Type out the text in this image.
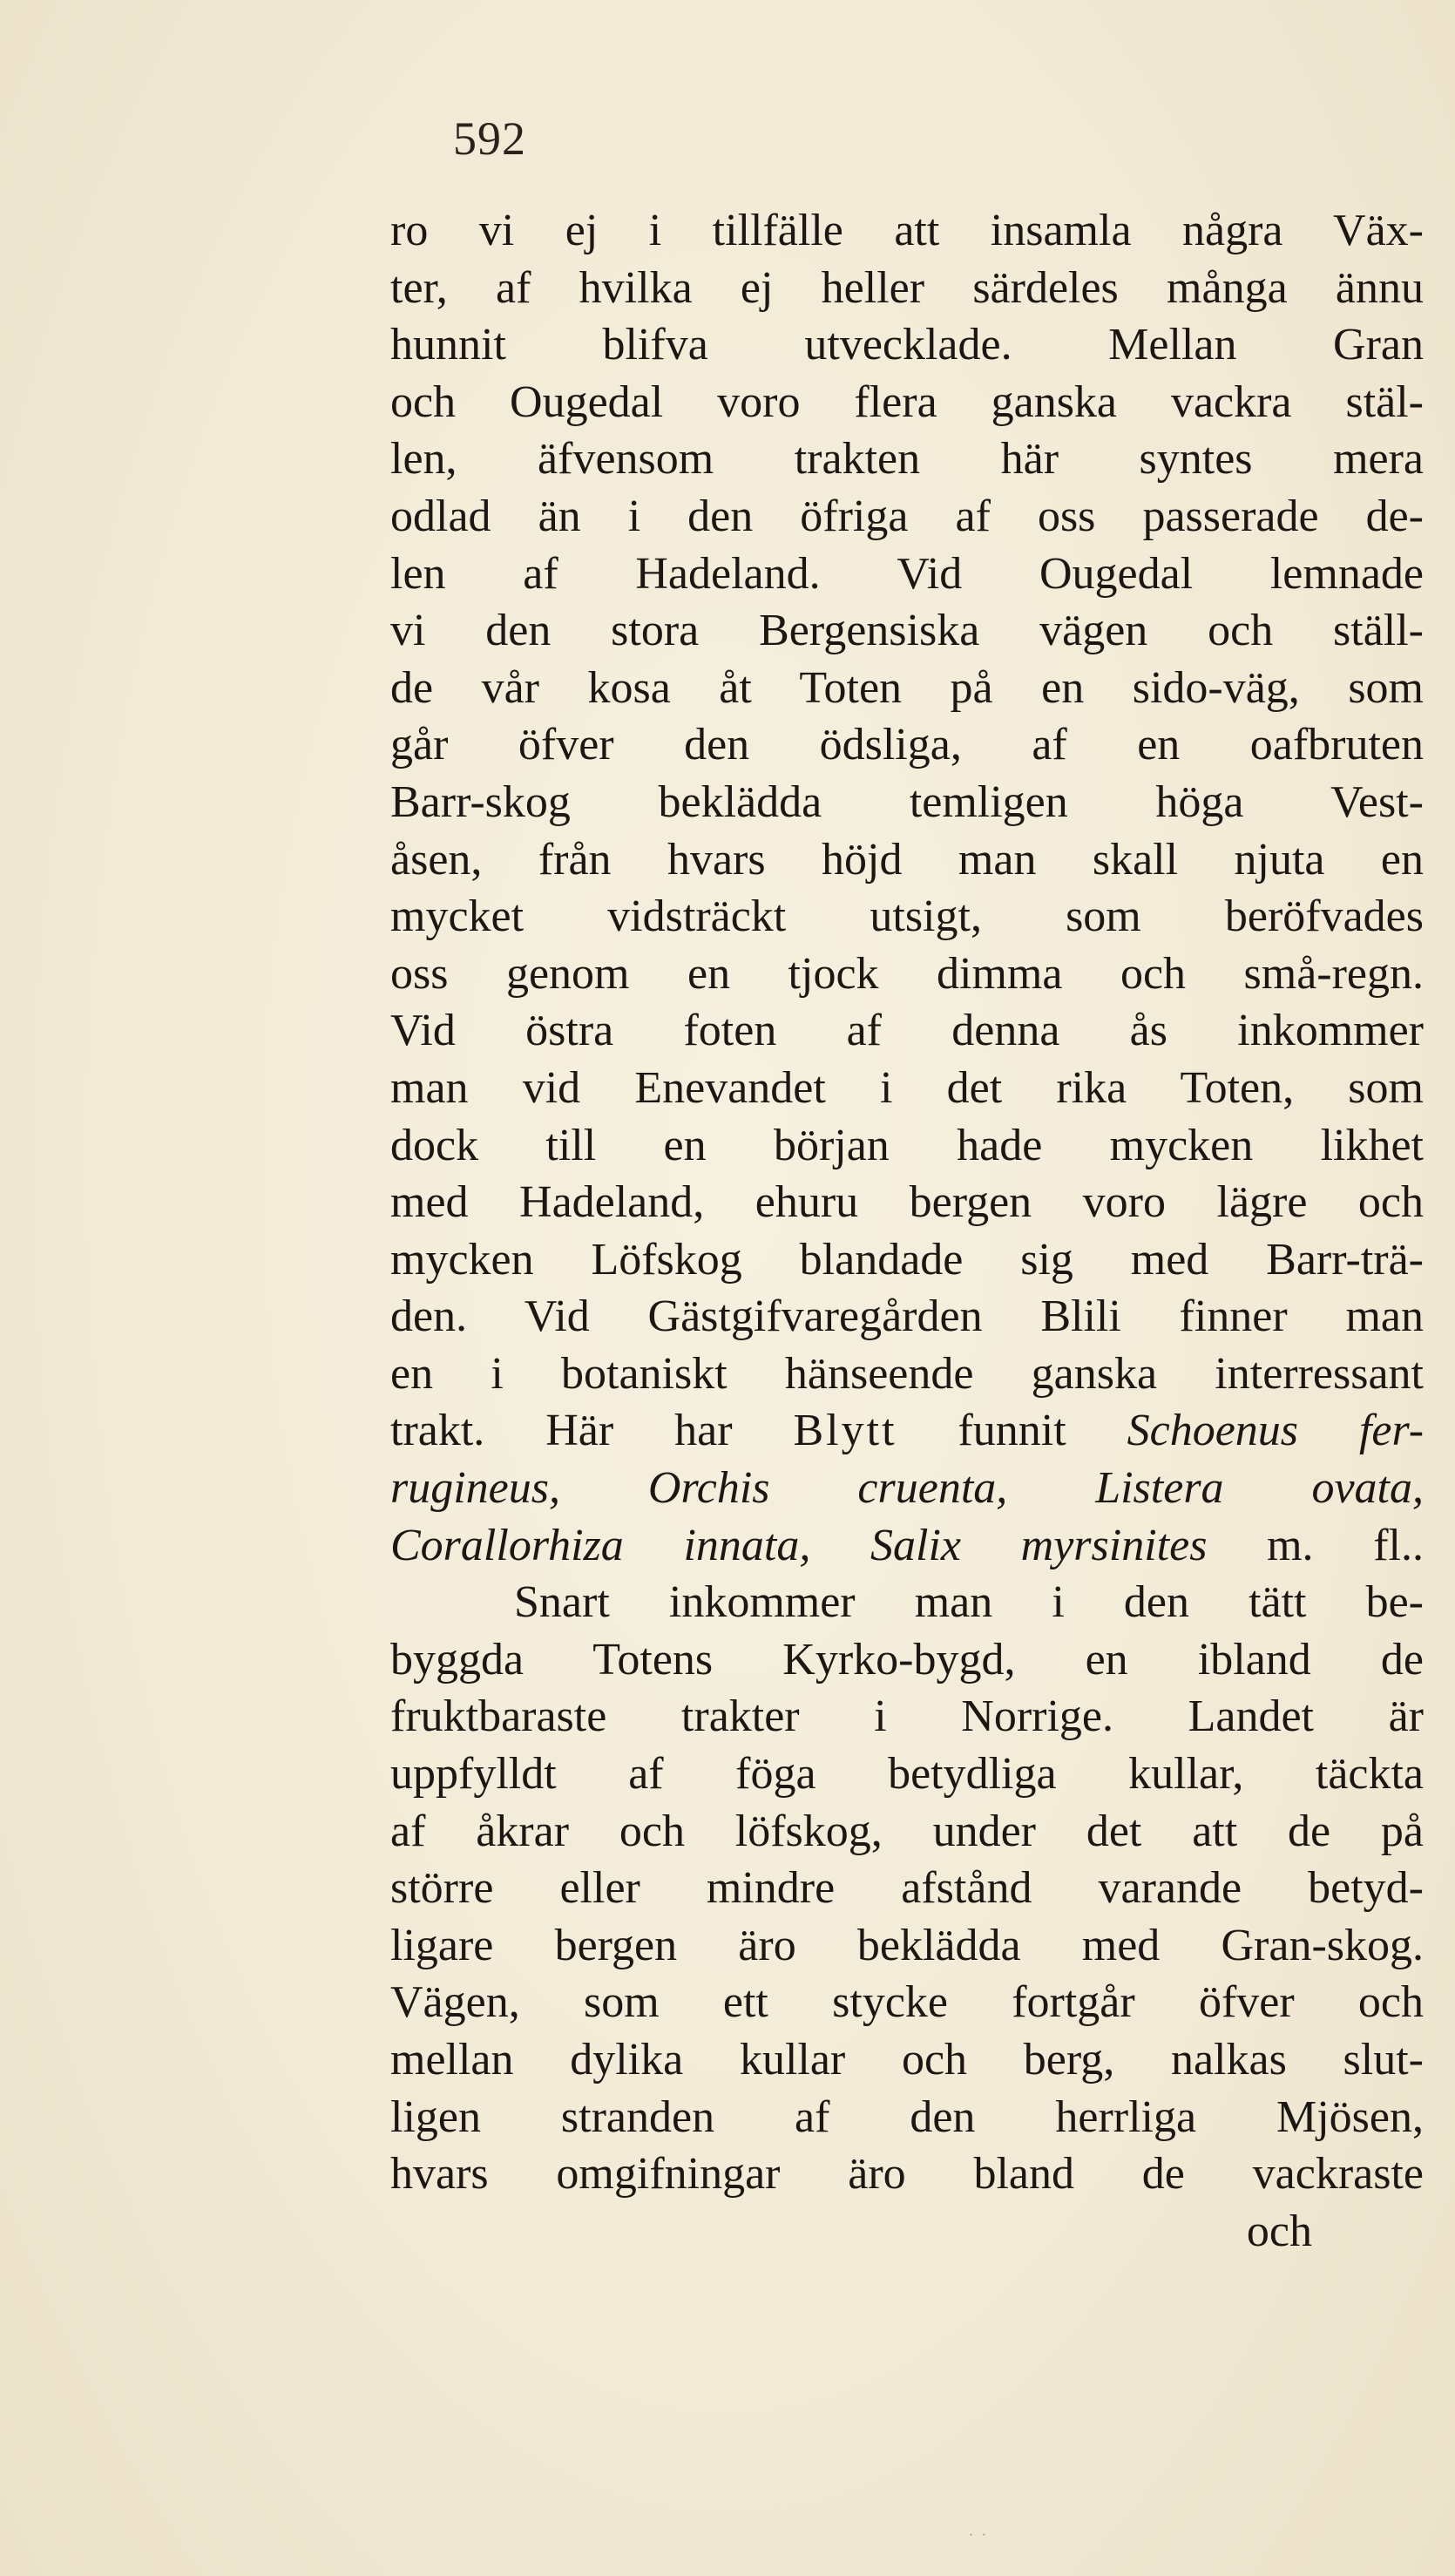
592
ro vi ej i tillfälle att insamla några Väx-
ter, af hvilka ej heller särdeles många ännu
hunnit blifva utvecklade. Mellan Gran
och Ougedal voro flera ganska vackra stäl-
len, äfvensom trakten här syntes mera
odlad än i den öfriga af oss passerade de-
len af Hadeland. Vid Ougedal lemnade
vi den stora Bergensiska vägen och ställ-
de vår kosa åt Toten på en sido-väg, som
går öfver den ödsliga, af en oafbruten
Barr-skog beklädda temligen höga Vest-
åsen, från hvars höjd man skall njuta en
mycket vidsträckt utsigt, som beröfvades
oss genom en tjock dimma och små-regn.
Vid östra foten af denna ås inkommer
man vid Enevandet i det rika Toten, som
dock till en början hade mycken likhet
med Hadeland, ehuru bergen voro lägre och
mycken Löfskog blandade sig med Barr-trä-
den. Vid Gästgifvaregården Blili finner man
en i botaniskt hänseende ganska interressant
trakt. Här har Blytt funnit Schoenus fer-
rugineus, Orchis cruenta, Listera ovata,
Corallorhiza innata, Salix myrsinites m. fl..
Snart inkommer man i den tätt be-
byggda Totens Kyrko-bygd, en ibland de
fruktbaraste trakter i Norrige. Landet är
uppfylldt af föga betydliga kullar, täckta
af åkrar och löfskog, under det att de på
större eller mindre afstånd varande betyd-
ligare bergen äro beklädda med Gran-skog.
Vägen, som ett stycke fortgår öfver och
mellan dylika kullar och berg, nalkas slut-
ligen stranden af den herrliga Mjösen,
hvars omgifningar äro bland de vackraste
och
˙ ˙
